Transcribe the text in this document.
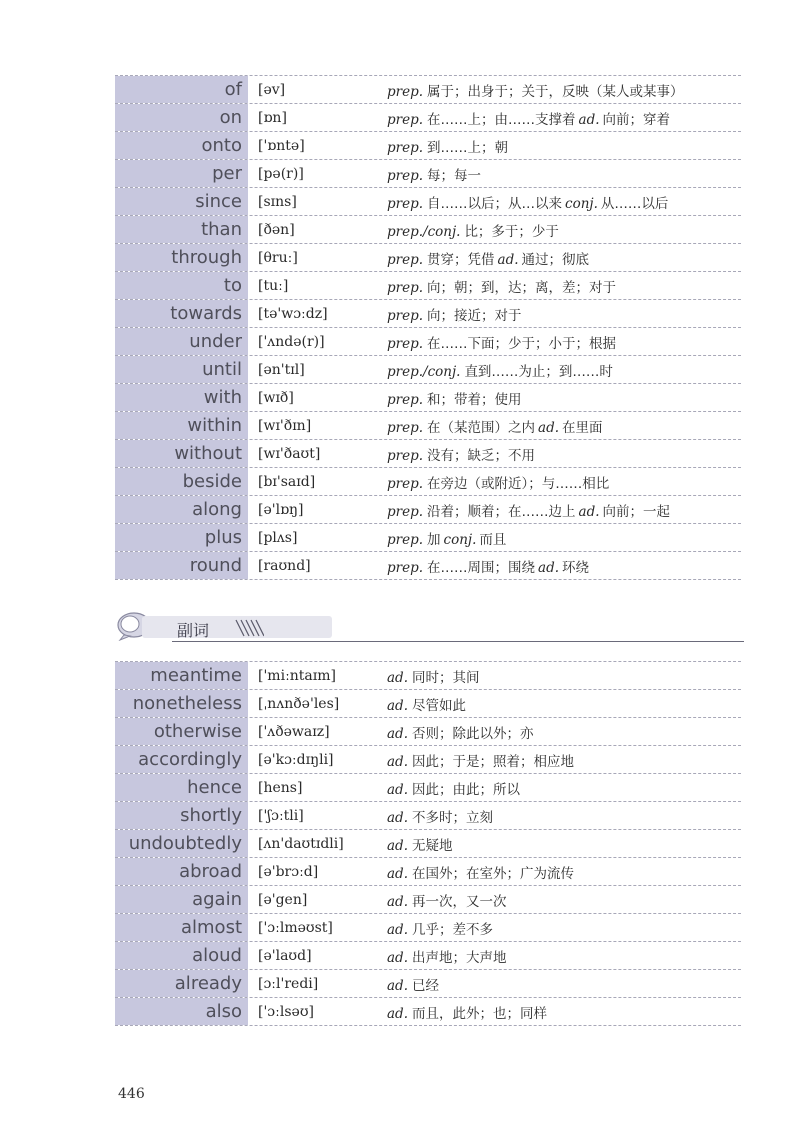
of	[əv]	prep. 属于；出身于；关于，反映（某人或某事）
on	[ɒn]	prep. 在……上；由……支撑着 ad. 向前；穿着
onto	['ɒntə]	prep. 到……上；朝
per	[pə(r)]	prep. 每；每一
since	[sɪns]	prep. 自……以后；从…以来 conj. 从……以后
than	[ðən]	prep./conj. 比；多于；少于
through	[θruː]	prep. 贯穿；凭借 ad. 通过；彻底
to	[tuː]	prep. 向；朝；到，达；离，差；对于
towards	[tə'wɔːdz]	prep. 向；接近；对于
under	['ʌndə(r)]	prep. 在……下面；少于；小于；根据
until	[ən'tɪl]	prep./conj. 直到……为止；到……时
with	[wɪð]	prep. 和；带着；使用
within	[wɪ'ðɪn]	prep. 在（某范围）之内 ad. 在里面
without	[wɪ'ðaʊt]	prep. 没有；缺乏；不用
beside	[bɪ'saɪd]	prep. 在旁边（或附近）；与……相比
along	[ə'lɒŋ]	prep. 沿着；顺着；在……边上 ad. 向前；一起
plus	[plʌs]	prep. 加 conj. 而且
round	[raʊnd]	prep. 在……周围；围绕 ad. 环绕
副词
meantime	['miːntaɪm]	ad. 同时；其间
nonetheless	[ˌnʌnðə'les]	ad. 尽管如此
otherwise	['ʌðəwaɪz]	ad. 否则；除此以外；亦
accordingly	[ə'kɔːdɪŋli]	ad. 因此；于是；照着；相应地
hence	[hens]	ad. 因此；由此；所以
shortly	['ʃɔːtli]	ad. 不多时；立刻
undoubtedly	[ʌn'daʊtɪdli]	ad. 无疑地
abroad	[ə'brɔːd]	ad. 在国外；在室外；广为流传
again	[ə'gen]	ad. 再一次，又一次
almost	['ɔːlməʊst]	ad. 几乎；差不多
aloud	[ə'laʊd]	ad. 出声地；大声地
already	[ɔːl'redi]	ad. 已经
also	['ɔːlsəʊ]	ad. 而且，此外；也；同样
446
